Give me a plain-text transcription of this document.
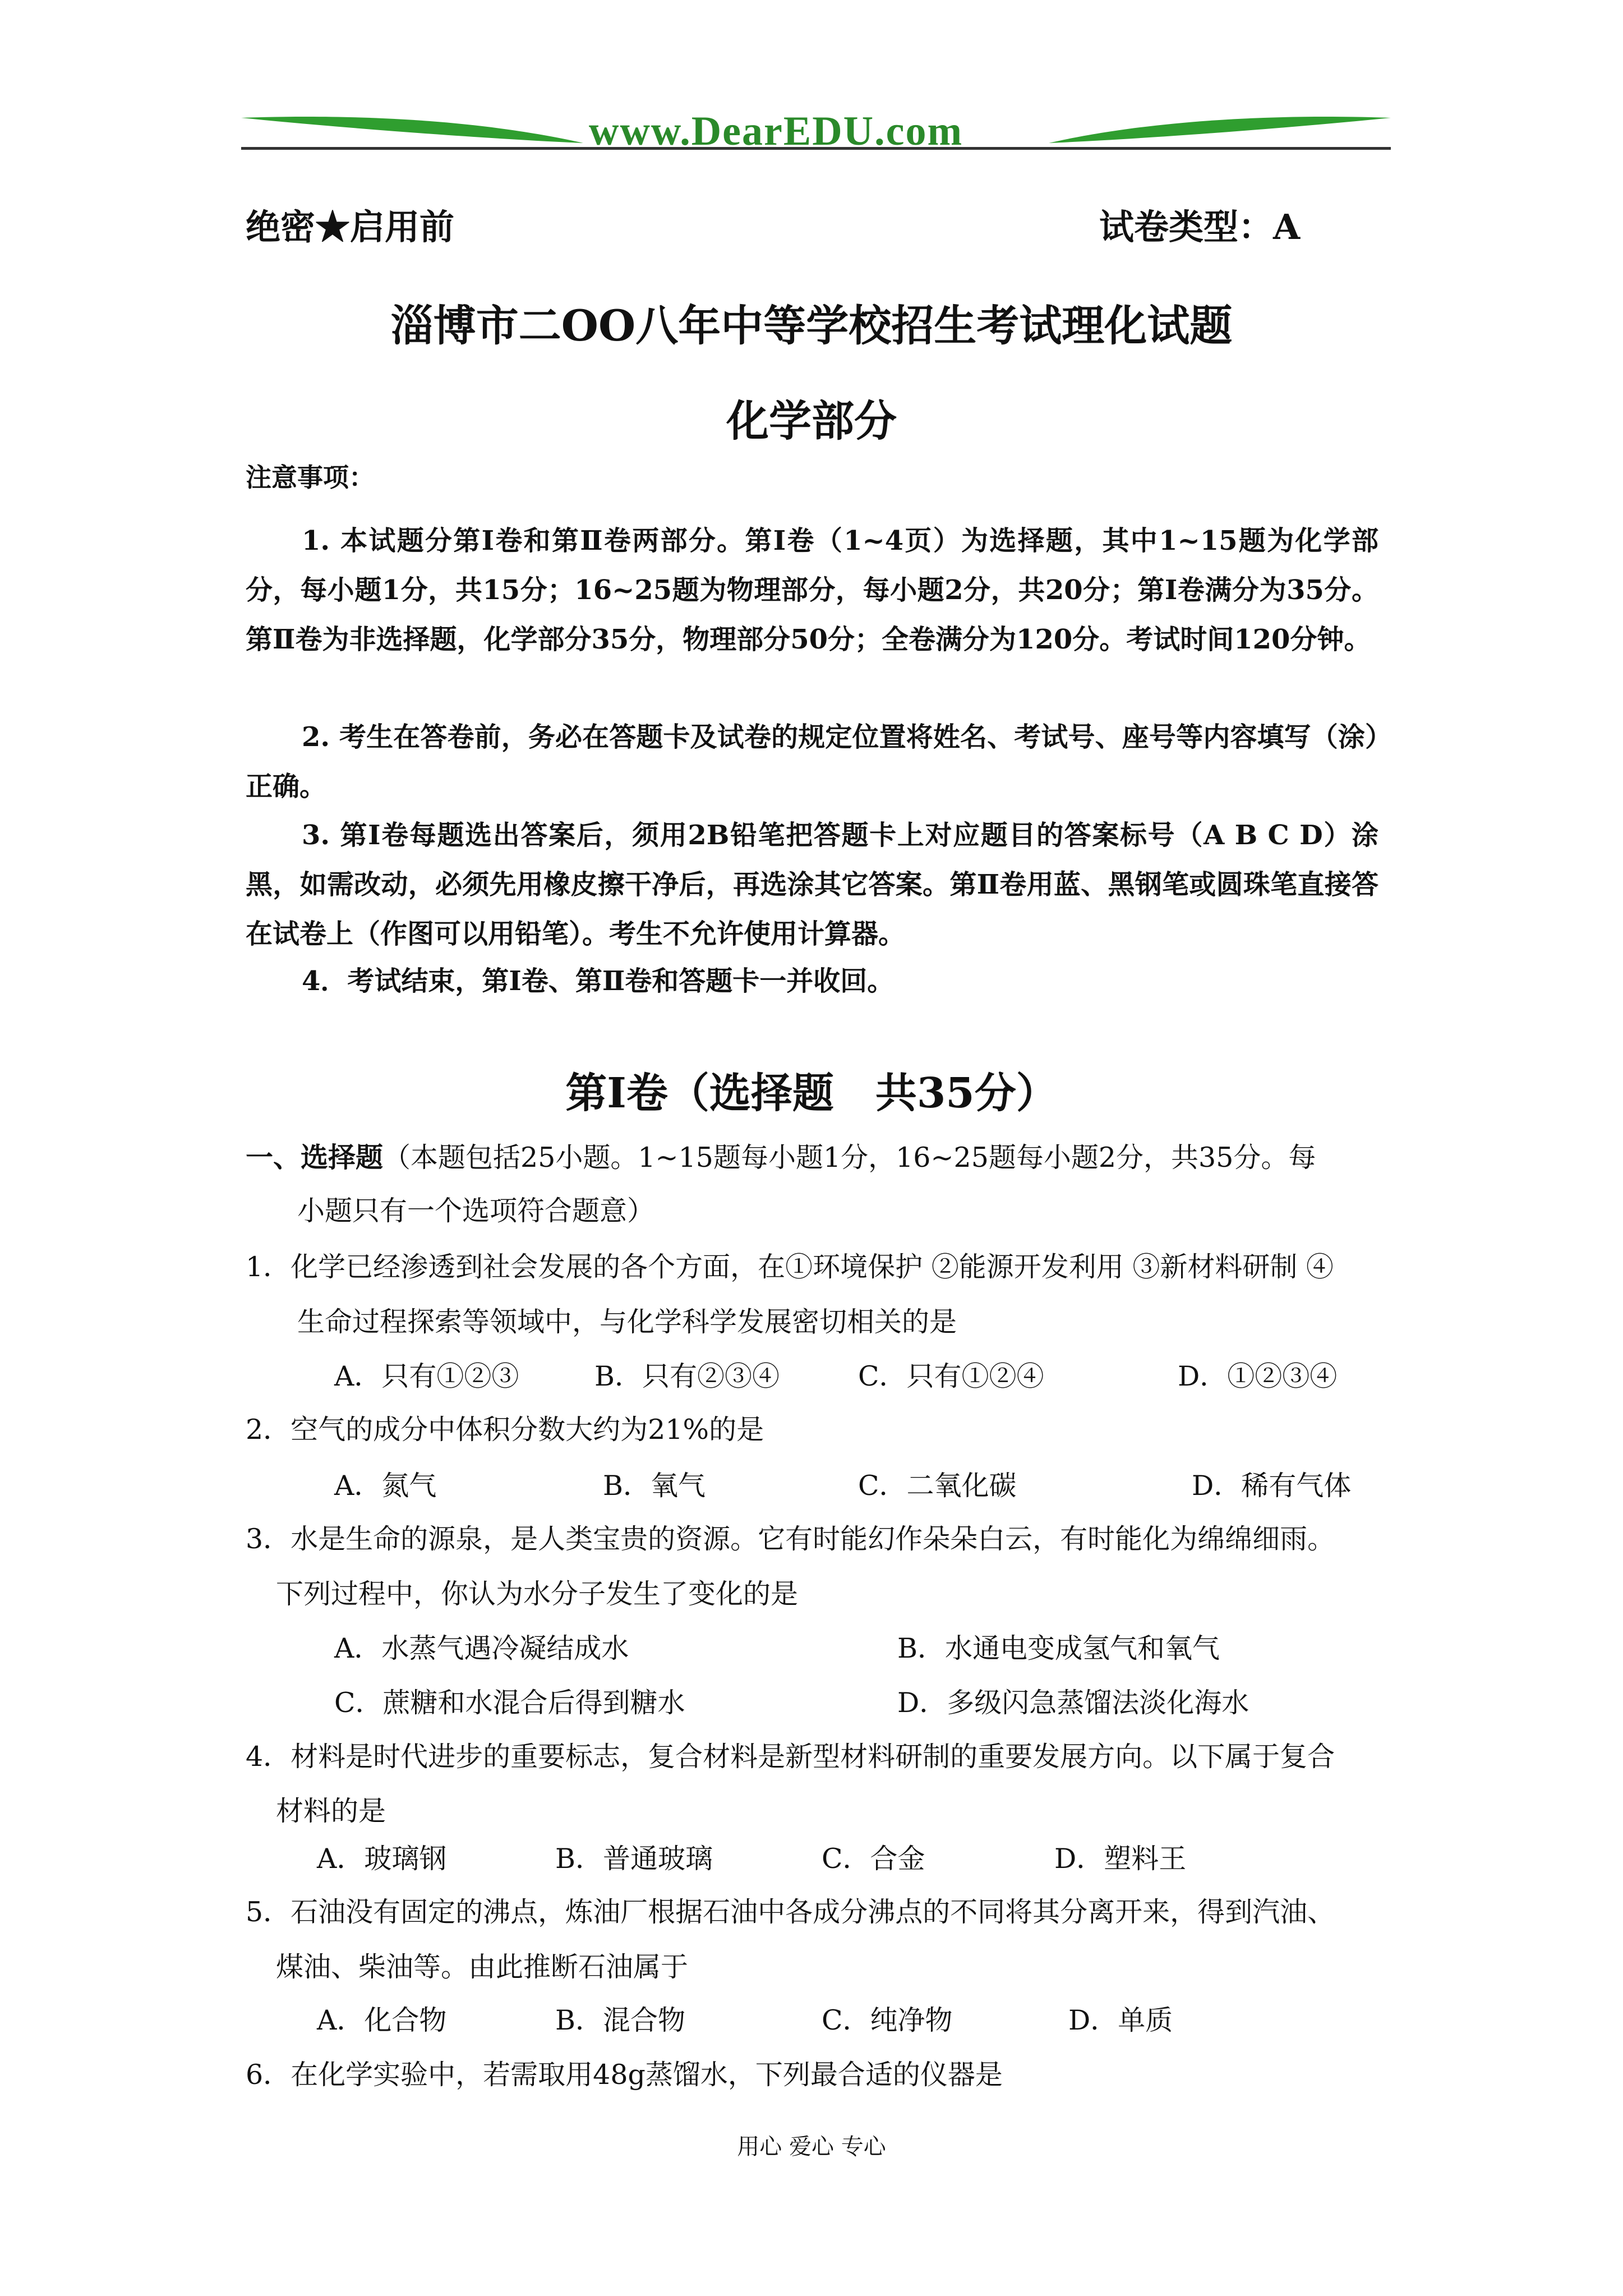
www.DearEDU.com
绝密★启用前	试卷类型：A
淄博市二OO八年中等学校招生考试理化试题
化学部分
注意事项：
1. 本试题分第Ⅰ卷和第Ⅱ卷两部分。第Ⅰ卷（1~4页）为选择题，其中1~15题为化学部分，每小题1分，共15分；16~25题为物理部分，每小题2分，共20分；第Ⅰ卷满分为35分。第Ⅱ卷为非选择题，化学部分35分，物理部分50分；全卷满分为120分。考试时间120分钟。
2. 考生在答卷前，务必在答题卡及试卷的规定位置将姓名、考试号、座号等内容填写（涂）正确。
3. 第Ⅰ卷每题选出答案后，须用2B铅笔把答题卡上对应题目的答案标号（A B C D）涂黑，如需改动，必须先用橡皮擦干净后，再选涂其它答案。第Ⅱ卷用蓝、黑钢笔或圆珠笔直接答在试卷上（作图可以用铅笔）。考生不允许使用计算器。
4．考试结束，第Ⅰ卷、第Ⅱ卷和答题卡一并收回。
第Ⅰ卷（选择题　共35分）
一、选择题（本题包括25小题。1~15题每小题1分，16~25题每小题2分，共35分。每
小题只有一个选项符合题意）
1．化学已经渗透到社会发展的各个方面，在①环境保护 ②能源开发利用 ③新材料研制 ④
生命过程探索等领域中，与化学科学发展密切相关的是
A．只有①②③	B．只有②③④	C．只有①②④	D．①②③④
2．空气的成分中体积分数大约为21%的是
A．氮气	B．氧气	C．二氧化碳	D．稀有气体
3．水是生命的源泉，是人类宝贵的资源。它有时能幻作朵朵白云，有时能化为绵绵细雨。
下列过程中，你认为水分子发生了变化的是
A．水蒸气遇冷凝结成水	B．水通电变成氢气和氧气
C．蔗糖和水混合后得到糖水	D．多级闪急蒸馏法淡化海水
4．材料是时代进步的重要标志，复合材料是新型材料研制的重要发展方向。以下属于复合
材料的是
A．玻璃钢	B．普通玻璃	C．合金	D．塑料王
5．石油没有固定的沸点，炼油厂根据石油中各成分沸点的不同将其分离开来，得到汽油、
煤油、柴油等。由此推断石油属于
A．化合物	B．混合物	C．纯净物	D．单质
6．在化学实验中，若需取用48g蒸馏水，下列最合适的仪器是
用心 爱心 专心
